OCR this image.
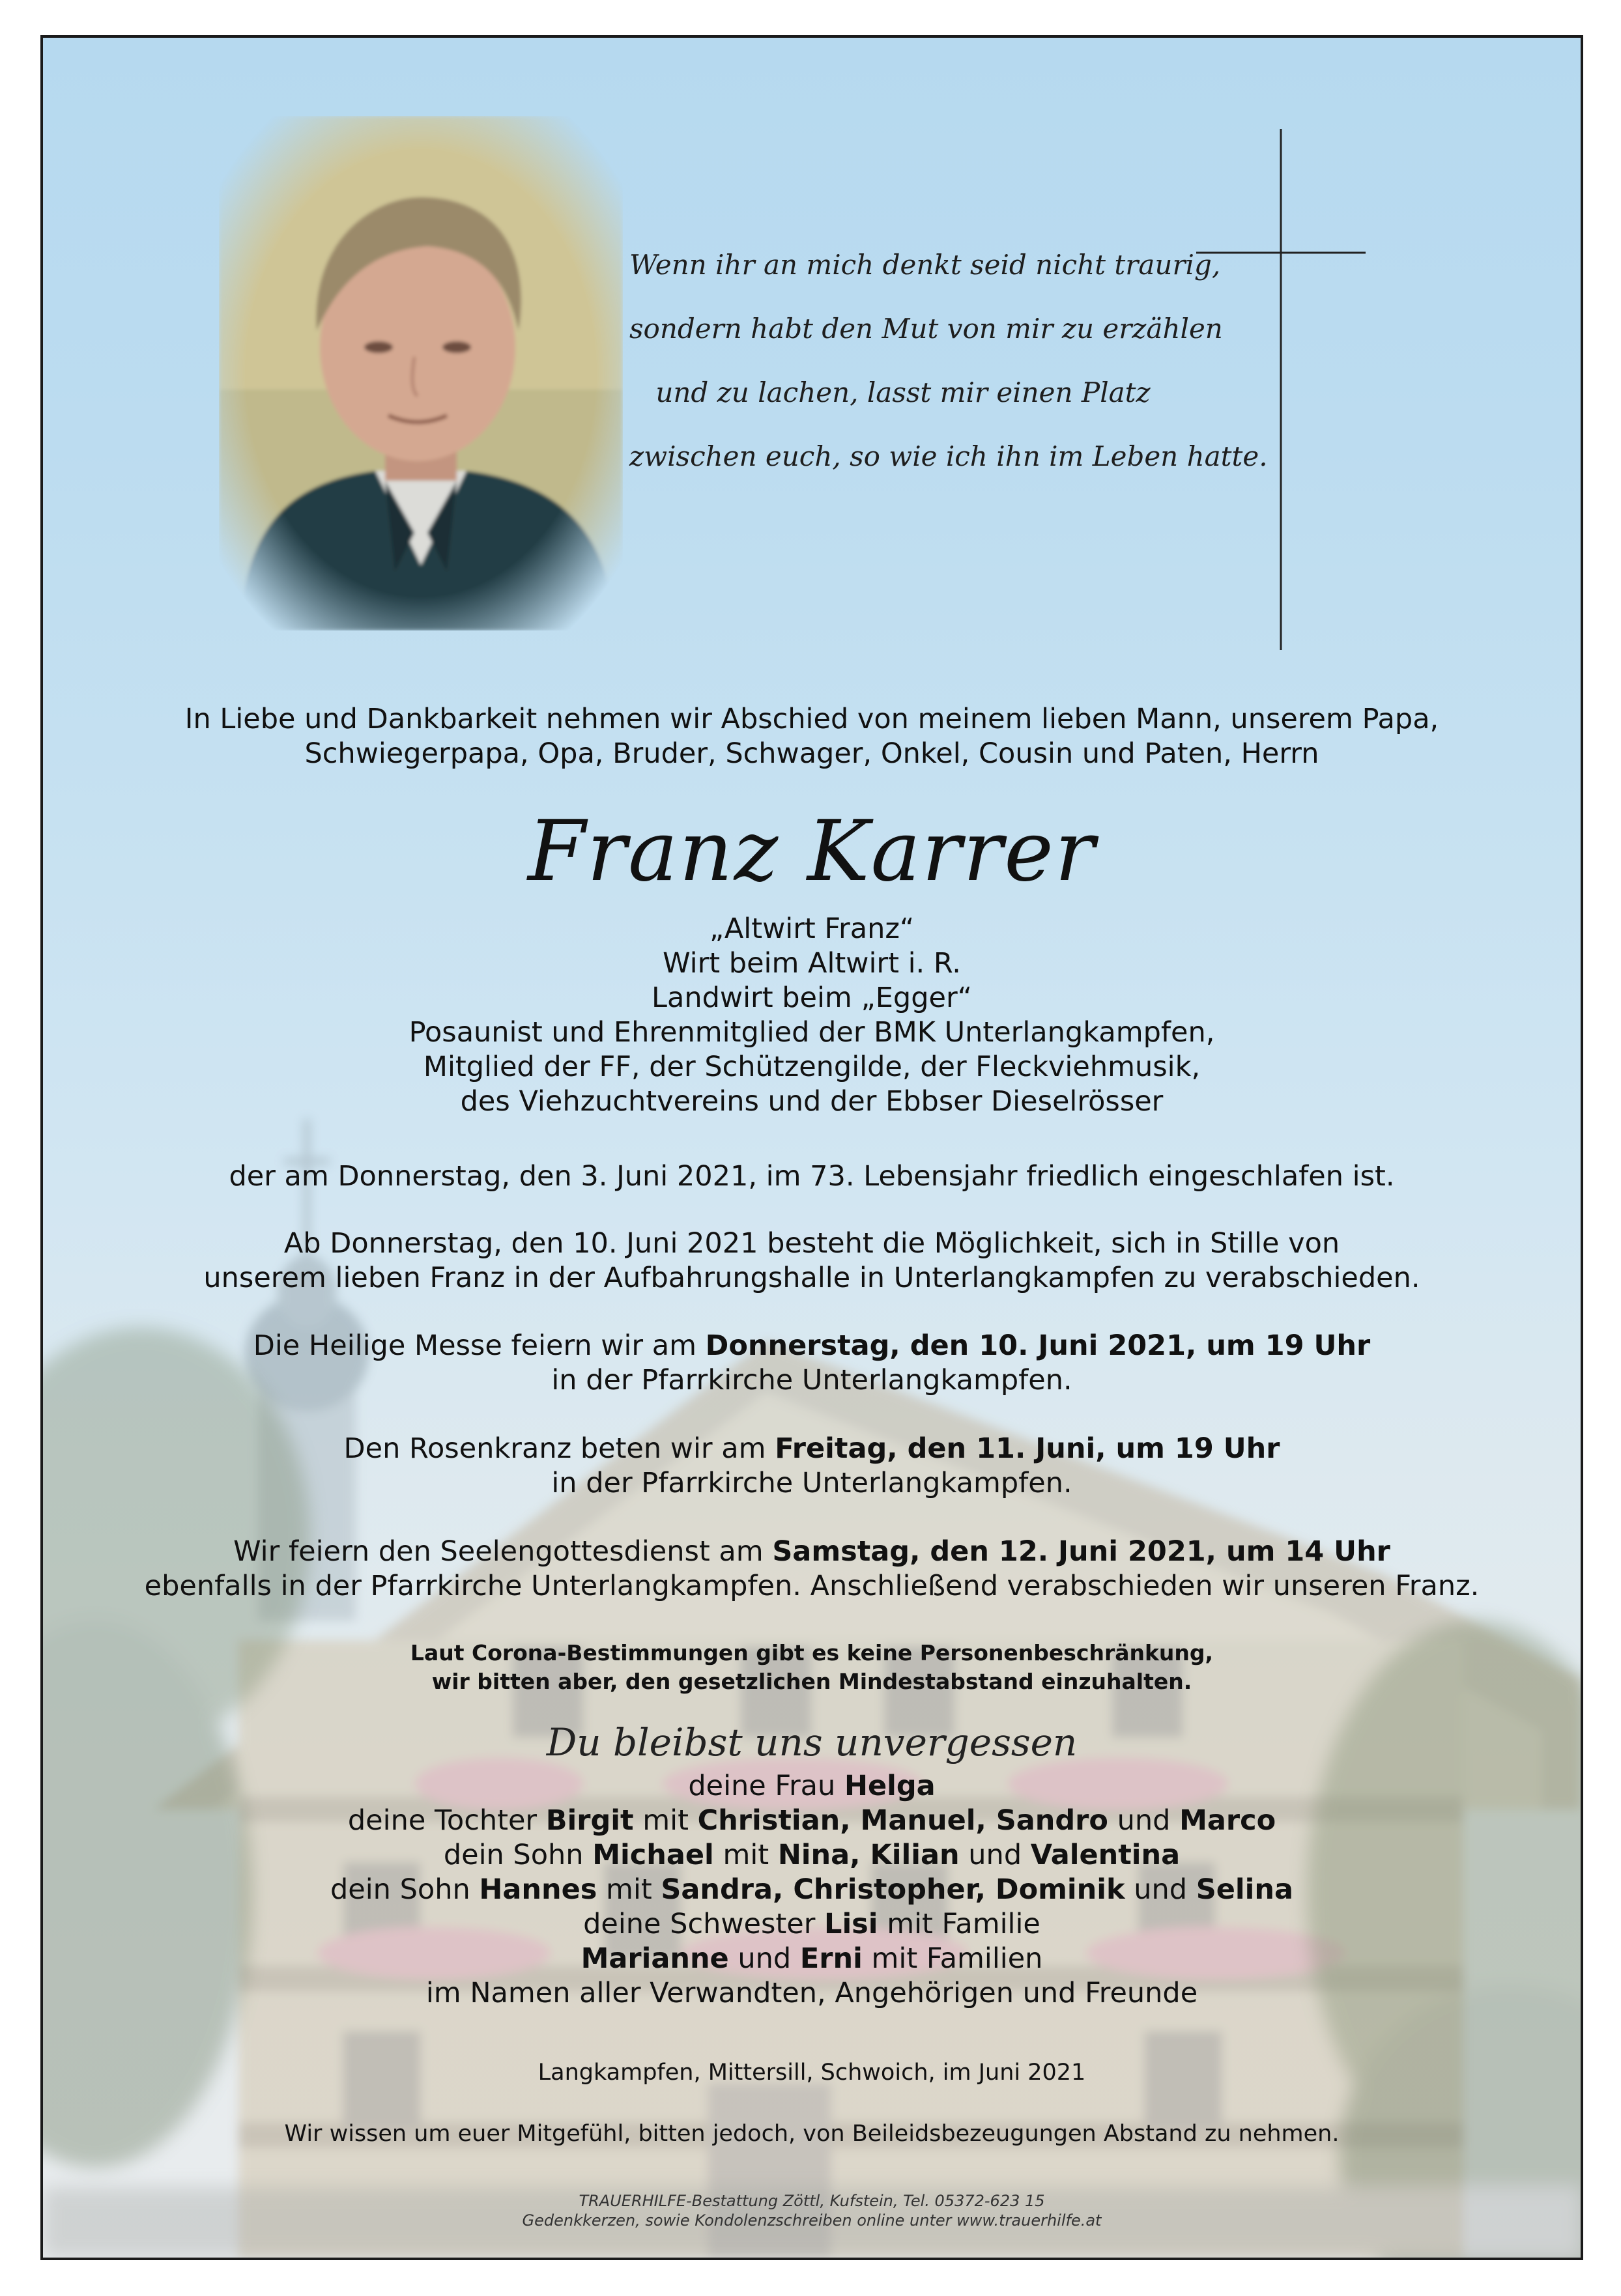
Wenn ihr an mich denkt seid nicht traurig,
sondern habt den Mut von mir zu erzählen
und zu lachen, lasst mir einen Platz
zwischen euch, so wie ich ihn im Leben hatte.
In Liebe und Dankbarkeit nehmen wir Abschied von meinem lieben Mann, unserem Papa,
Schwiegerpapa, Opa, Bruder, Schwager, Onkel, Cousin und Paten, Herrn
Franz Karrer
„Altwirt Franz“
Wirt beim Altwirt i. R.
Landwirt beim „Egger“
Posaunist und Ehrenmitglied der BMK Unterlangkampfen,
Mitglied der FF, der Schützengilde, der Fleckviehmusik,
des Viehzuchtvereins und der Ebbser Dieselrösser
der am Donnerstag, den 3. Juni 2021, im 73. Lebensjahr friedlich eingeschlafen ist.
Ab Donnerstag, den 10. Juni 2021 besteht die Möglichkeit, sich in Stille von
unserem lieben Franz in der Aufbahrungshalle in Unterlangkampfen zu verabschieden.
Die Heilige Messe feiern wir am Donnerstag, den 10. Juni 2021, um 19 Uhr
in der Pfarrkirche Unterlangkampfen.
Den Rosenkranz beten wir am Freitag, den 11. Juni, um 19 Uhr
in der Pfarrkirche Unterlangkampfen.
Wir feiern den Seelengottesdienst am Samstag, den 12. Juni 2021, um 14 Uhr
ebenfalls in der Pfarrkirche Unterlangkampfen. Anschließend verabschieden wir unseren Franz.
Laut Corona-Bestimmungen gibt es keine Personenbeschränkung,
wir bitten aber, den gesetzlichen Mindestabstand einzuhalten.
Du bleibst uns unvergessen
deine Frau Helga
deine Tochter Birgit mit Christian, Manuel, Sandro und Marco
dein Sohn Michael mit Nina, Kilian und Valentina
dein Sohn Hannes mit Sandra, Christopher, Dominik und Selina
deine Schwester Lisi mit Familie
Marianne und Erni mit Familien
im Namen aller Verwandten, Angehörigen und Freunde
Langkampfen, Mittersill, Schwoich, im Juni 2021
Wir wissen um euer Mitgefühl, bitten jedoch, von Beileidsbezeugungen Abstand zu nehmen.
TRAUERHILFE-Bestattung Zöttl, Kufstein, Tel. 05372-623 15
Gedenkkerzen, sowie Kondolenzschreiben online unter www.trauerhilfe.at
